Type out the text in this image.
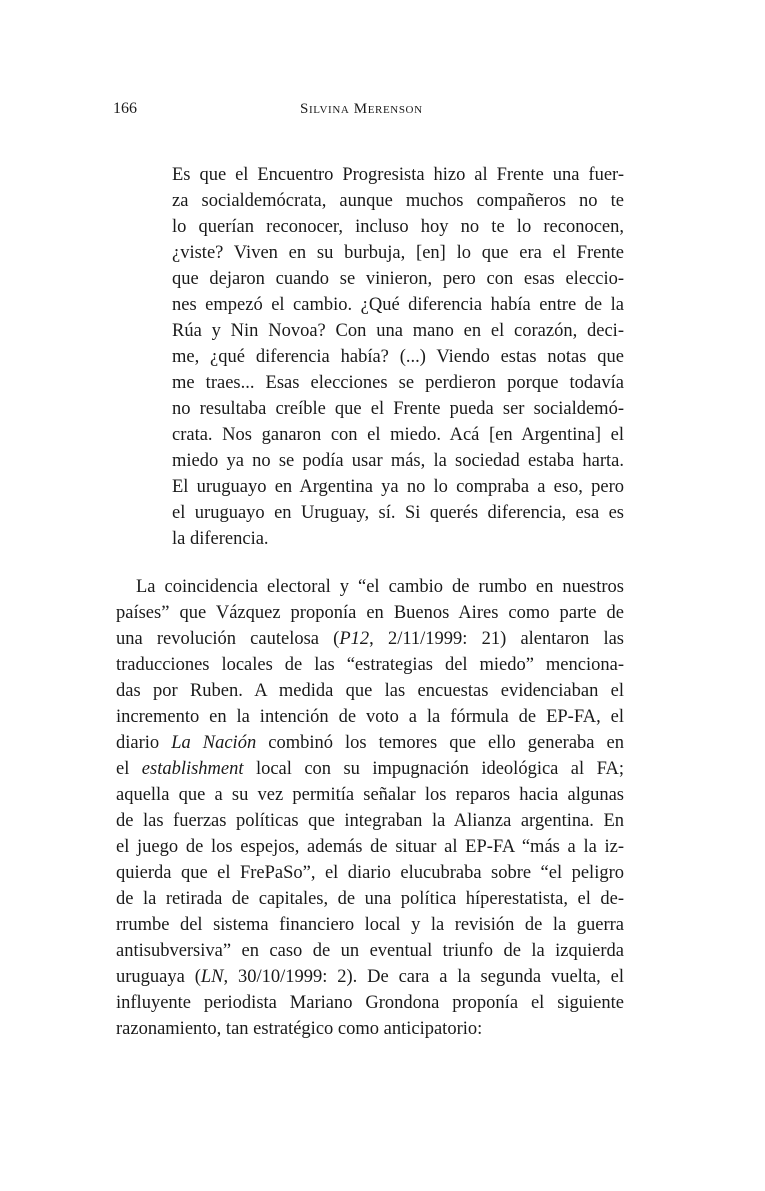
166	Silvina Merenson
Es que el Encuentro Progresista hizo al Frente una fuer-
za socialdemócrata, aunque muchos compañeros no te
lo querían reconocer, incluso hoy no te lo reconocen,
¿viste? Viven en su burbuja, [en] lo que era el Frente
que dejaron cuando se vinieron, pero con esas eleccio-
nes empezó el cambio. ¿Qué diferencia había entre de la
Rúa y Nin Novoa? Con una mano en el corazón, deci-
me, ¿qué diferencia había? (...) Viendo estas notas que
me traes... Esas elecciones se perdieron porque todavía
no resultaba creíble que el Frente pueda ser socialdemó-
crata. Nos ganaron con el miedo. Acá [en Argentina] el
miedo ya no se podía usar más, la sociedad estaba harta.
El uruguayo en Argentina ya no lo compraba a eso, pero
el uruguayo en Uruguay, sí. Si querés diferencia, esa es
la diferencia.
La coincidencia electoral y “el cambio de rumbo en nuestros
países” que Vázquez proponía en Buenos Aires como parte de
una revolución cautelosa (P12, 2/11/1999: 21) alentaron las
traducciones locales de las “estrategias del miedo” menciona-
das por Ruben. A medida que las encuestas evidenciaban el
incremento en la intención de voto a la fórmula de EP-FA, el
diario La Nación combinó los temores que ello generaba en
el establishment local con su impugnación ideológica al FA;
aquella que a su vez permitía señalar los reparos hacia algunas
de las fuerzas políticas que integraban la Alianza argentina. En
el juego de los espejos, además de situar al EP-FA “más a la iz-
quierda que el FrePaSo”, el diario elucubraba sobre “el peligro
de la retirada de capitales, de una política híperestatista, el de-
rrumbe del sistema financiero local y la revisión de la guerra
antisubversiva” en caso de un eventual triunfo de la izquierda
uruguaya (LN, 30/10/1999: 2). De cara a la segunda vuelta, el
influyente periodista Mariano Grondona proponía el siguiente
razonamiento, tan estratégico como anticipatorio:
